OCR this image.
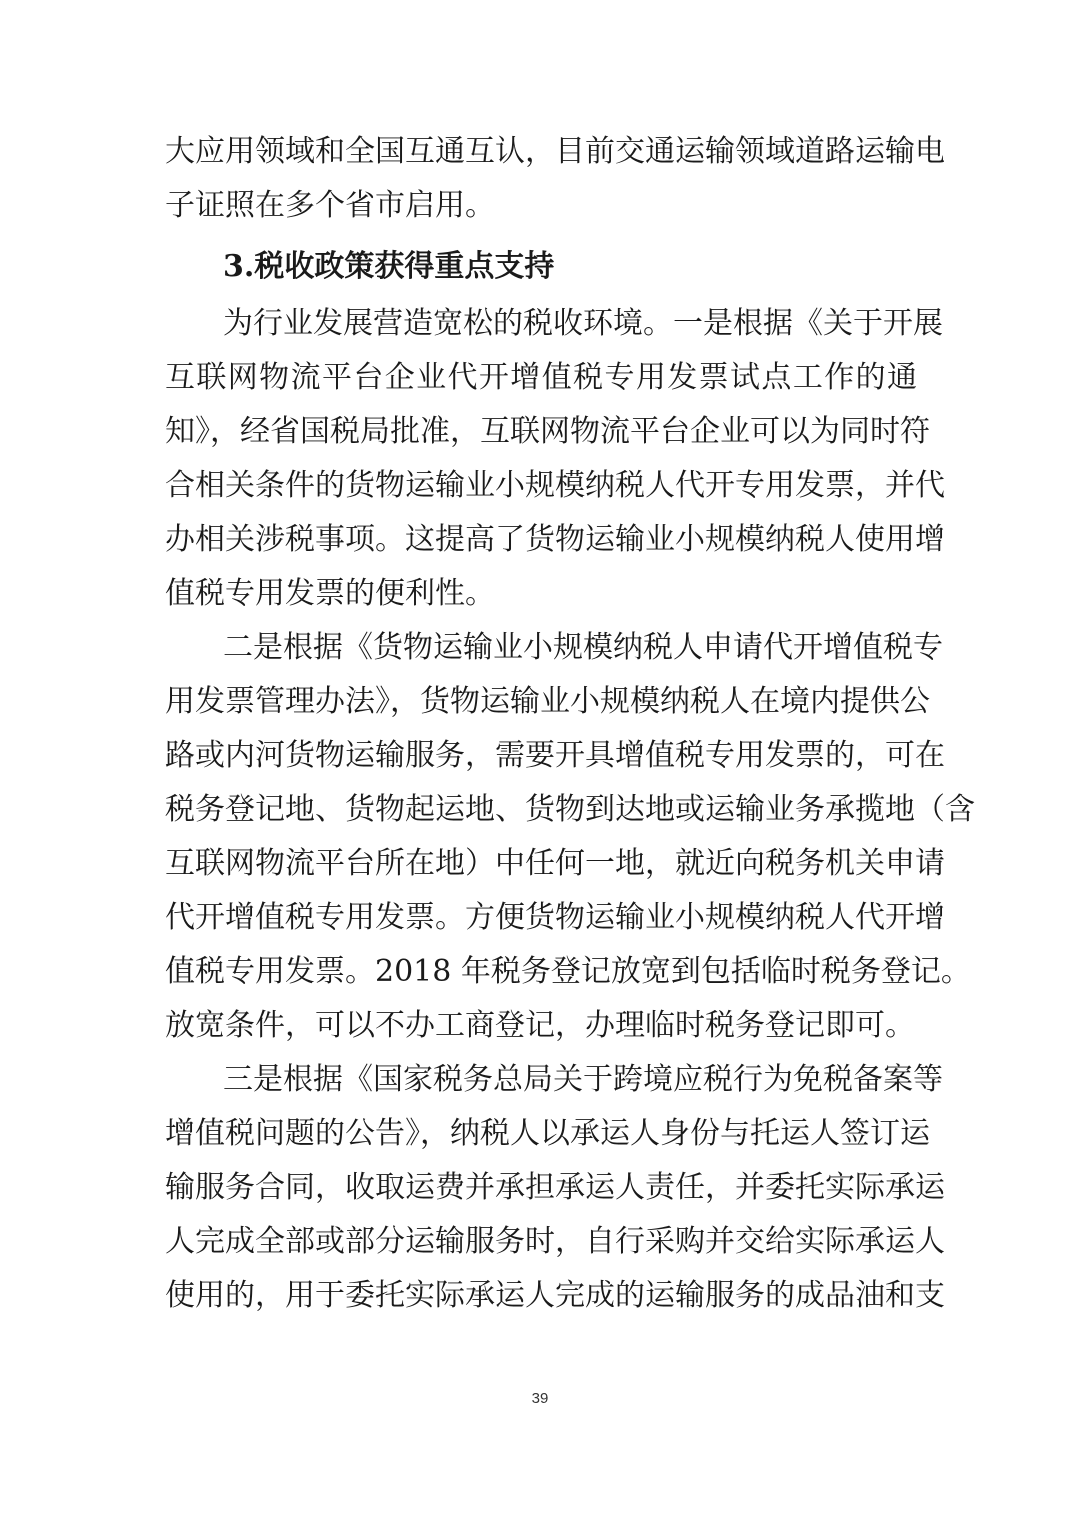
大应用领域和全国互通互认，目前交通运输领域道路运输电
子证照在多个省市启用。
3.税收政策获得重点支持
为行业发展营造宽松的税收环境。一是根据《关于开展
互联网物流平台企业代开增值税专用发票试点工作的通
知》，经省国税局批准，互联网物流平台企业可以为同时符
合相关条件的货物运输业小规模纳税人代开专用发票，并代
办相关涉税事项。这提高了货物运输业小规模纳税人使用增
值税专用发票的便利性。
二是根据《货物运输业小规模纳税人申请代开增值税专
用发票管理办法》，货物运输业小规模纳税人在境内提供公
路或内河货物运输服务，需要开具增值税专用发票的，可在
税务登记地、货物起运地、货物到达地或运输业务承揽地（含
互联网物流平台所在地）中任何一地，就近向税务机关申请
代开增值税专用发票。方便货物运输业小规模纳税人代开增
值税专用发票。2018 年税务登记放宽到包括临时税务登记。
放宽条件，可以不办工商登记，办理临时税务登记即可。
三是根据《国家税务总局关于跨境应税行为免税备案等
增值税问题的公告》，纳税人以承运人身份与托运人签订运
输服务合同，收取运费并承担承运人责任，并委托实际承运
人完成全部或部分运输服务时，自行采购并交给实际承运人
使用的，用于委托实际承运人完成的运输服务的成品油和支
39
